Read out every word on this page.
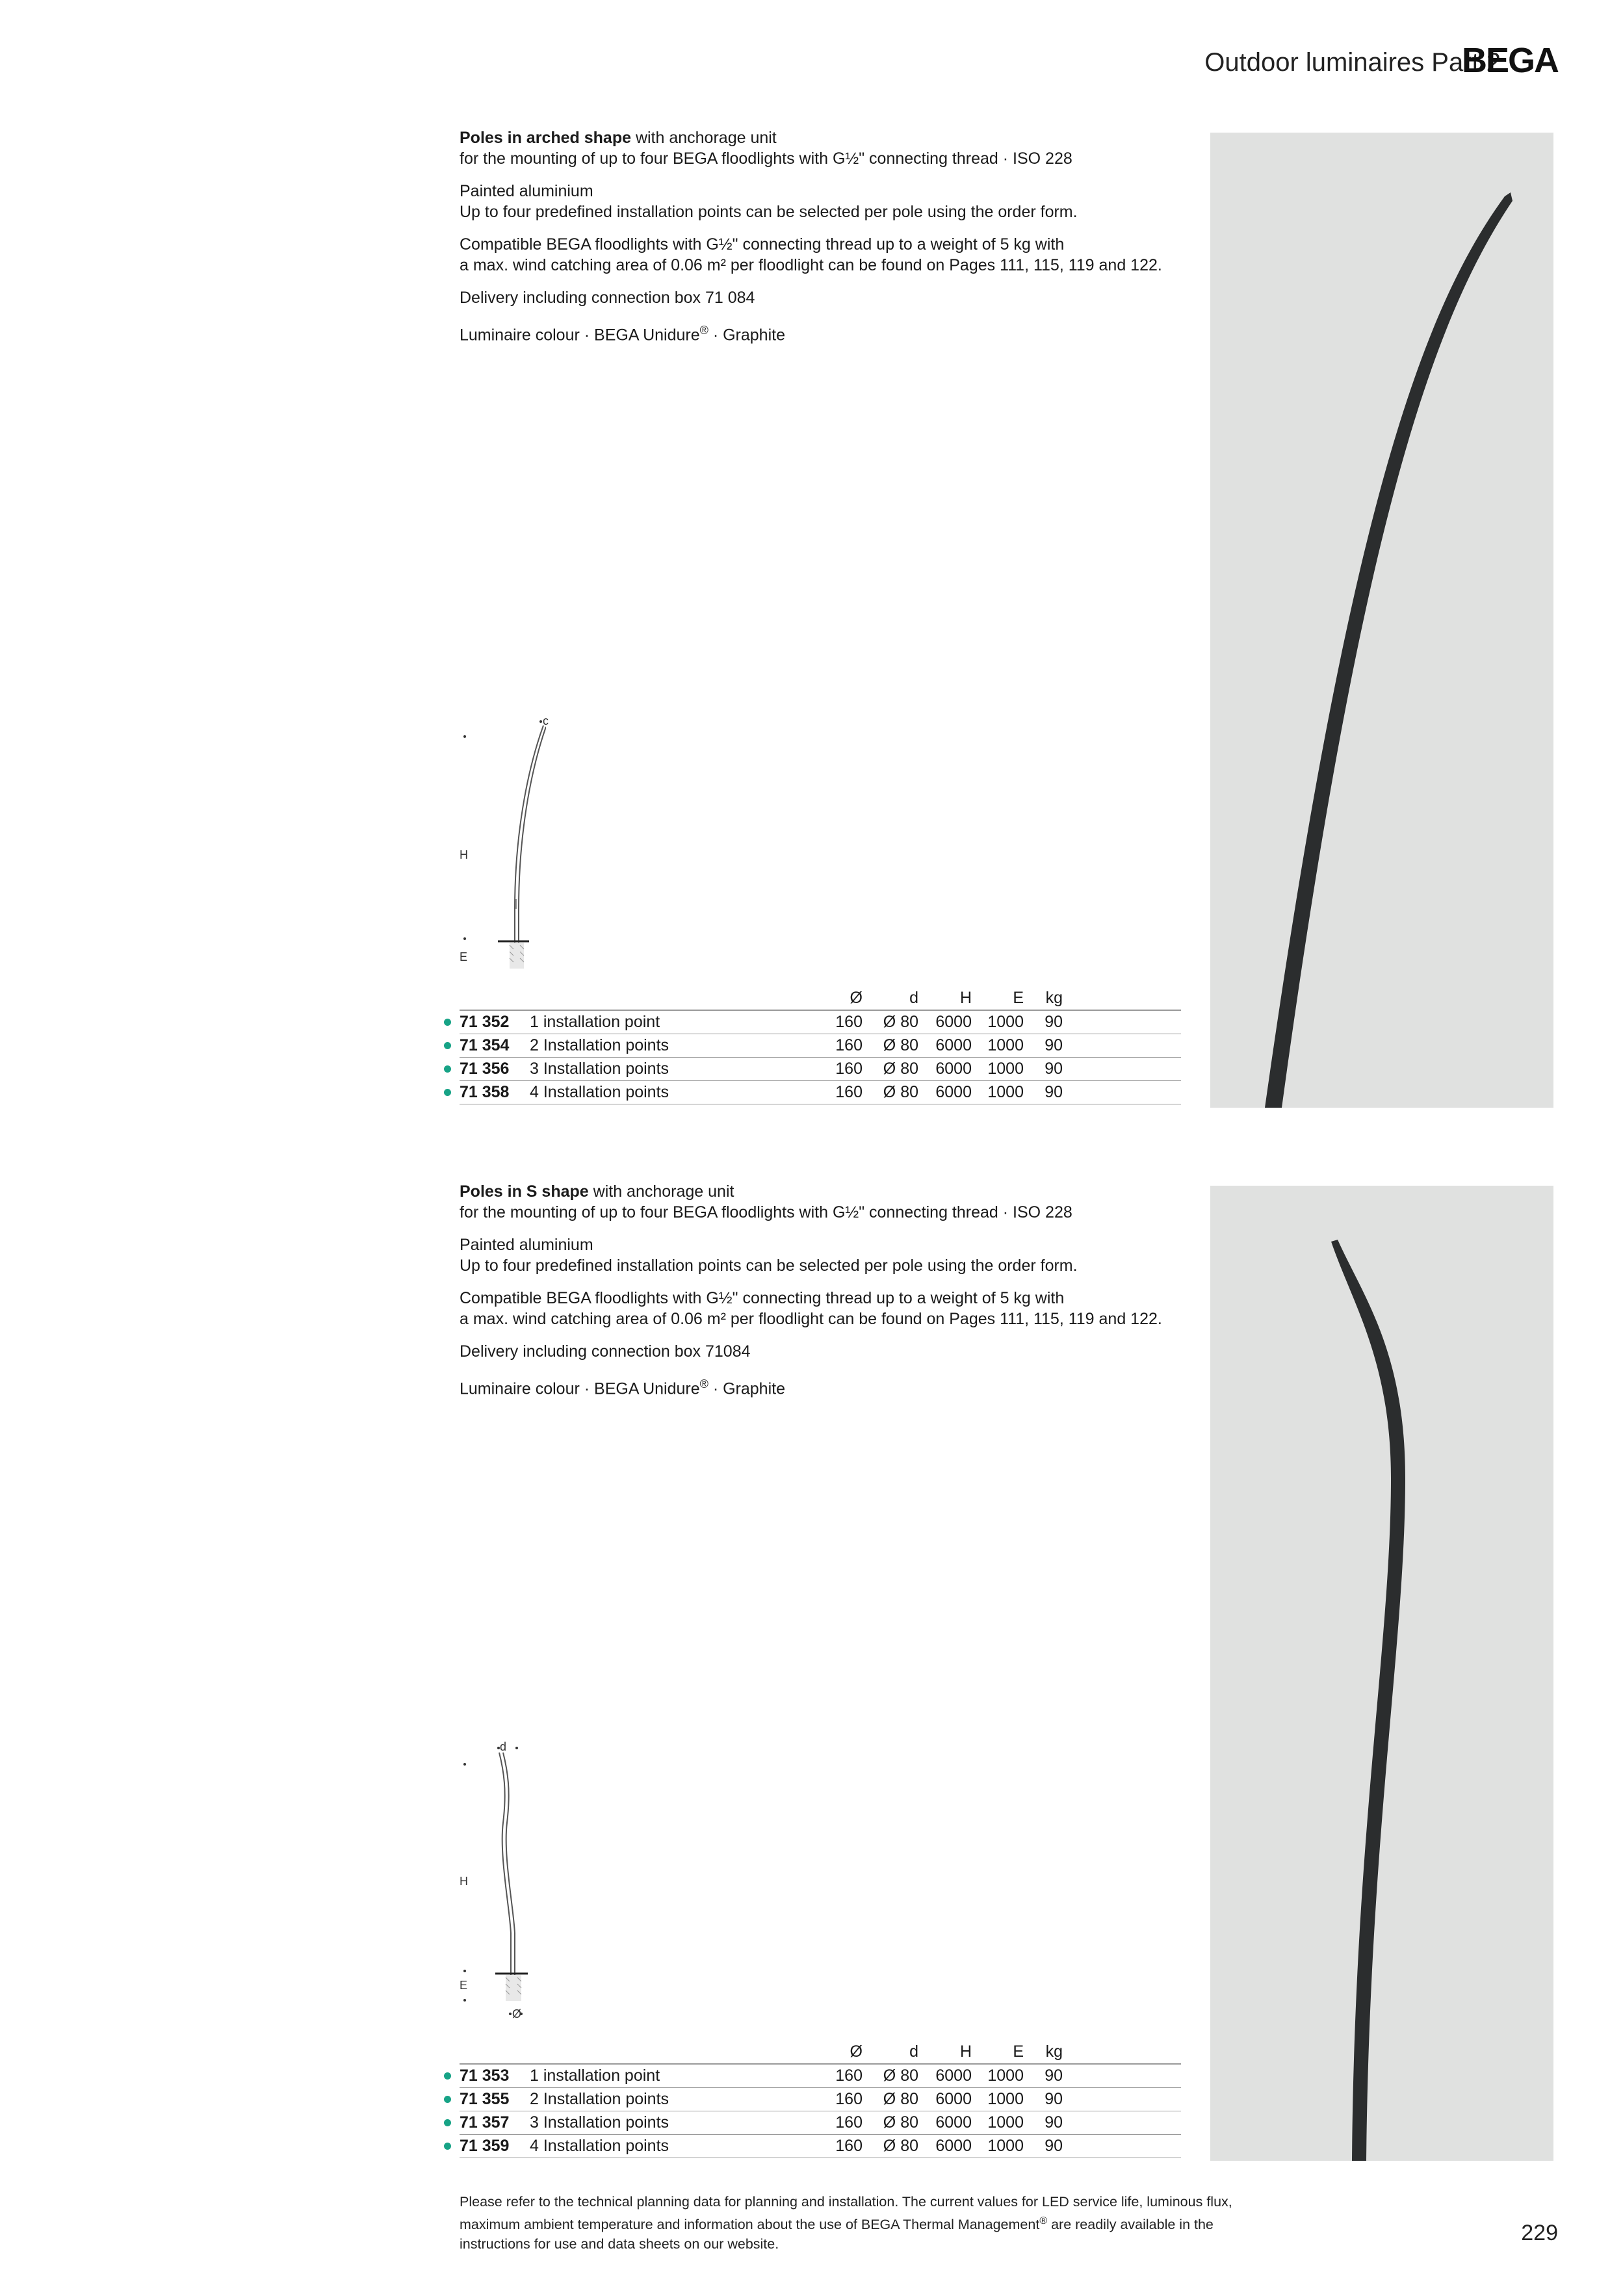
Outdoor luminaires Part 2
BEGA

Poles in arched shape with anchorage unit
for the mounting of up to four BEGA floodlights with G½" connecting thread · ISO 228

Painted aluminium
Up to four predefined installation points can be selected per pole using the order form.

Compatible BEGA floodlights with G½" connecting thread up to a weight of 5 kg with
a max. wind catching area of 0.06 m² per floodlight can be found on Pages 111, 115, 119 and 122.

Delivery including connection box 71 084

Luminaire colour · BEGA Unidure® · Graphite

c
H
E
		Ø	d	H	E	kg	

71 352	1 installation point	160	Ø 80	6000	1000	90	

71 354	2 Installation points	160	Ø 80	6000	1000	90	

71 356	3 Installation points	160	Ø 80	6000	1000	90	

71 358	4 Installation points	160	Ø 80	6000	1000	90	

Poles in S shape with anchorage unit
for the mounting of up to four BEGA floodlights with G½" connecting thread · ISO 228

Painted aluminium
Up to four predefined installation points can be selected per pole using the order form.

Compatible BEGA floodlights with G½" connecting thread up to a weight of 5 kg with
a max. wind catching area of 0.06 m² per floodlight can be found on Pages 111, 115, 119 and 122.

Delivery including connection box 71084

Luminaire colour · BEGA Unidure® · Graphite

d
H
E
Ø
		Ø	d	H	E	kg	

71 353	1 installation point	160	Ø 80	6000	1000	90	

71 355	2 Installation points	160	Ø 80	6000	1000	90	

71 357	3 Installation points	160	Ø 80	6000	1000	90	

71 359	4 Installation points	160	Ø 80	6000	1000	90	
Please refer to the technical planning data for planning and installation. The current values for LED service life, luminous flux,
maximum ambient temperature and information about the use of BEGA Thermal Management® are readily available in the
instructions for use and data sheets on our website.	229
